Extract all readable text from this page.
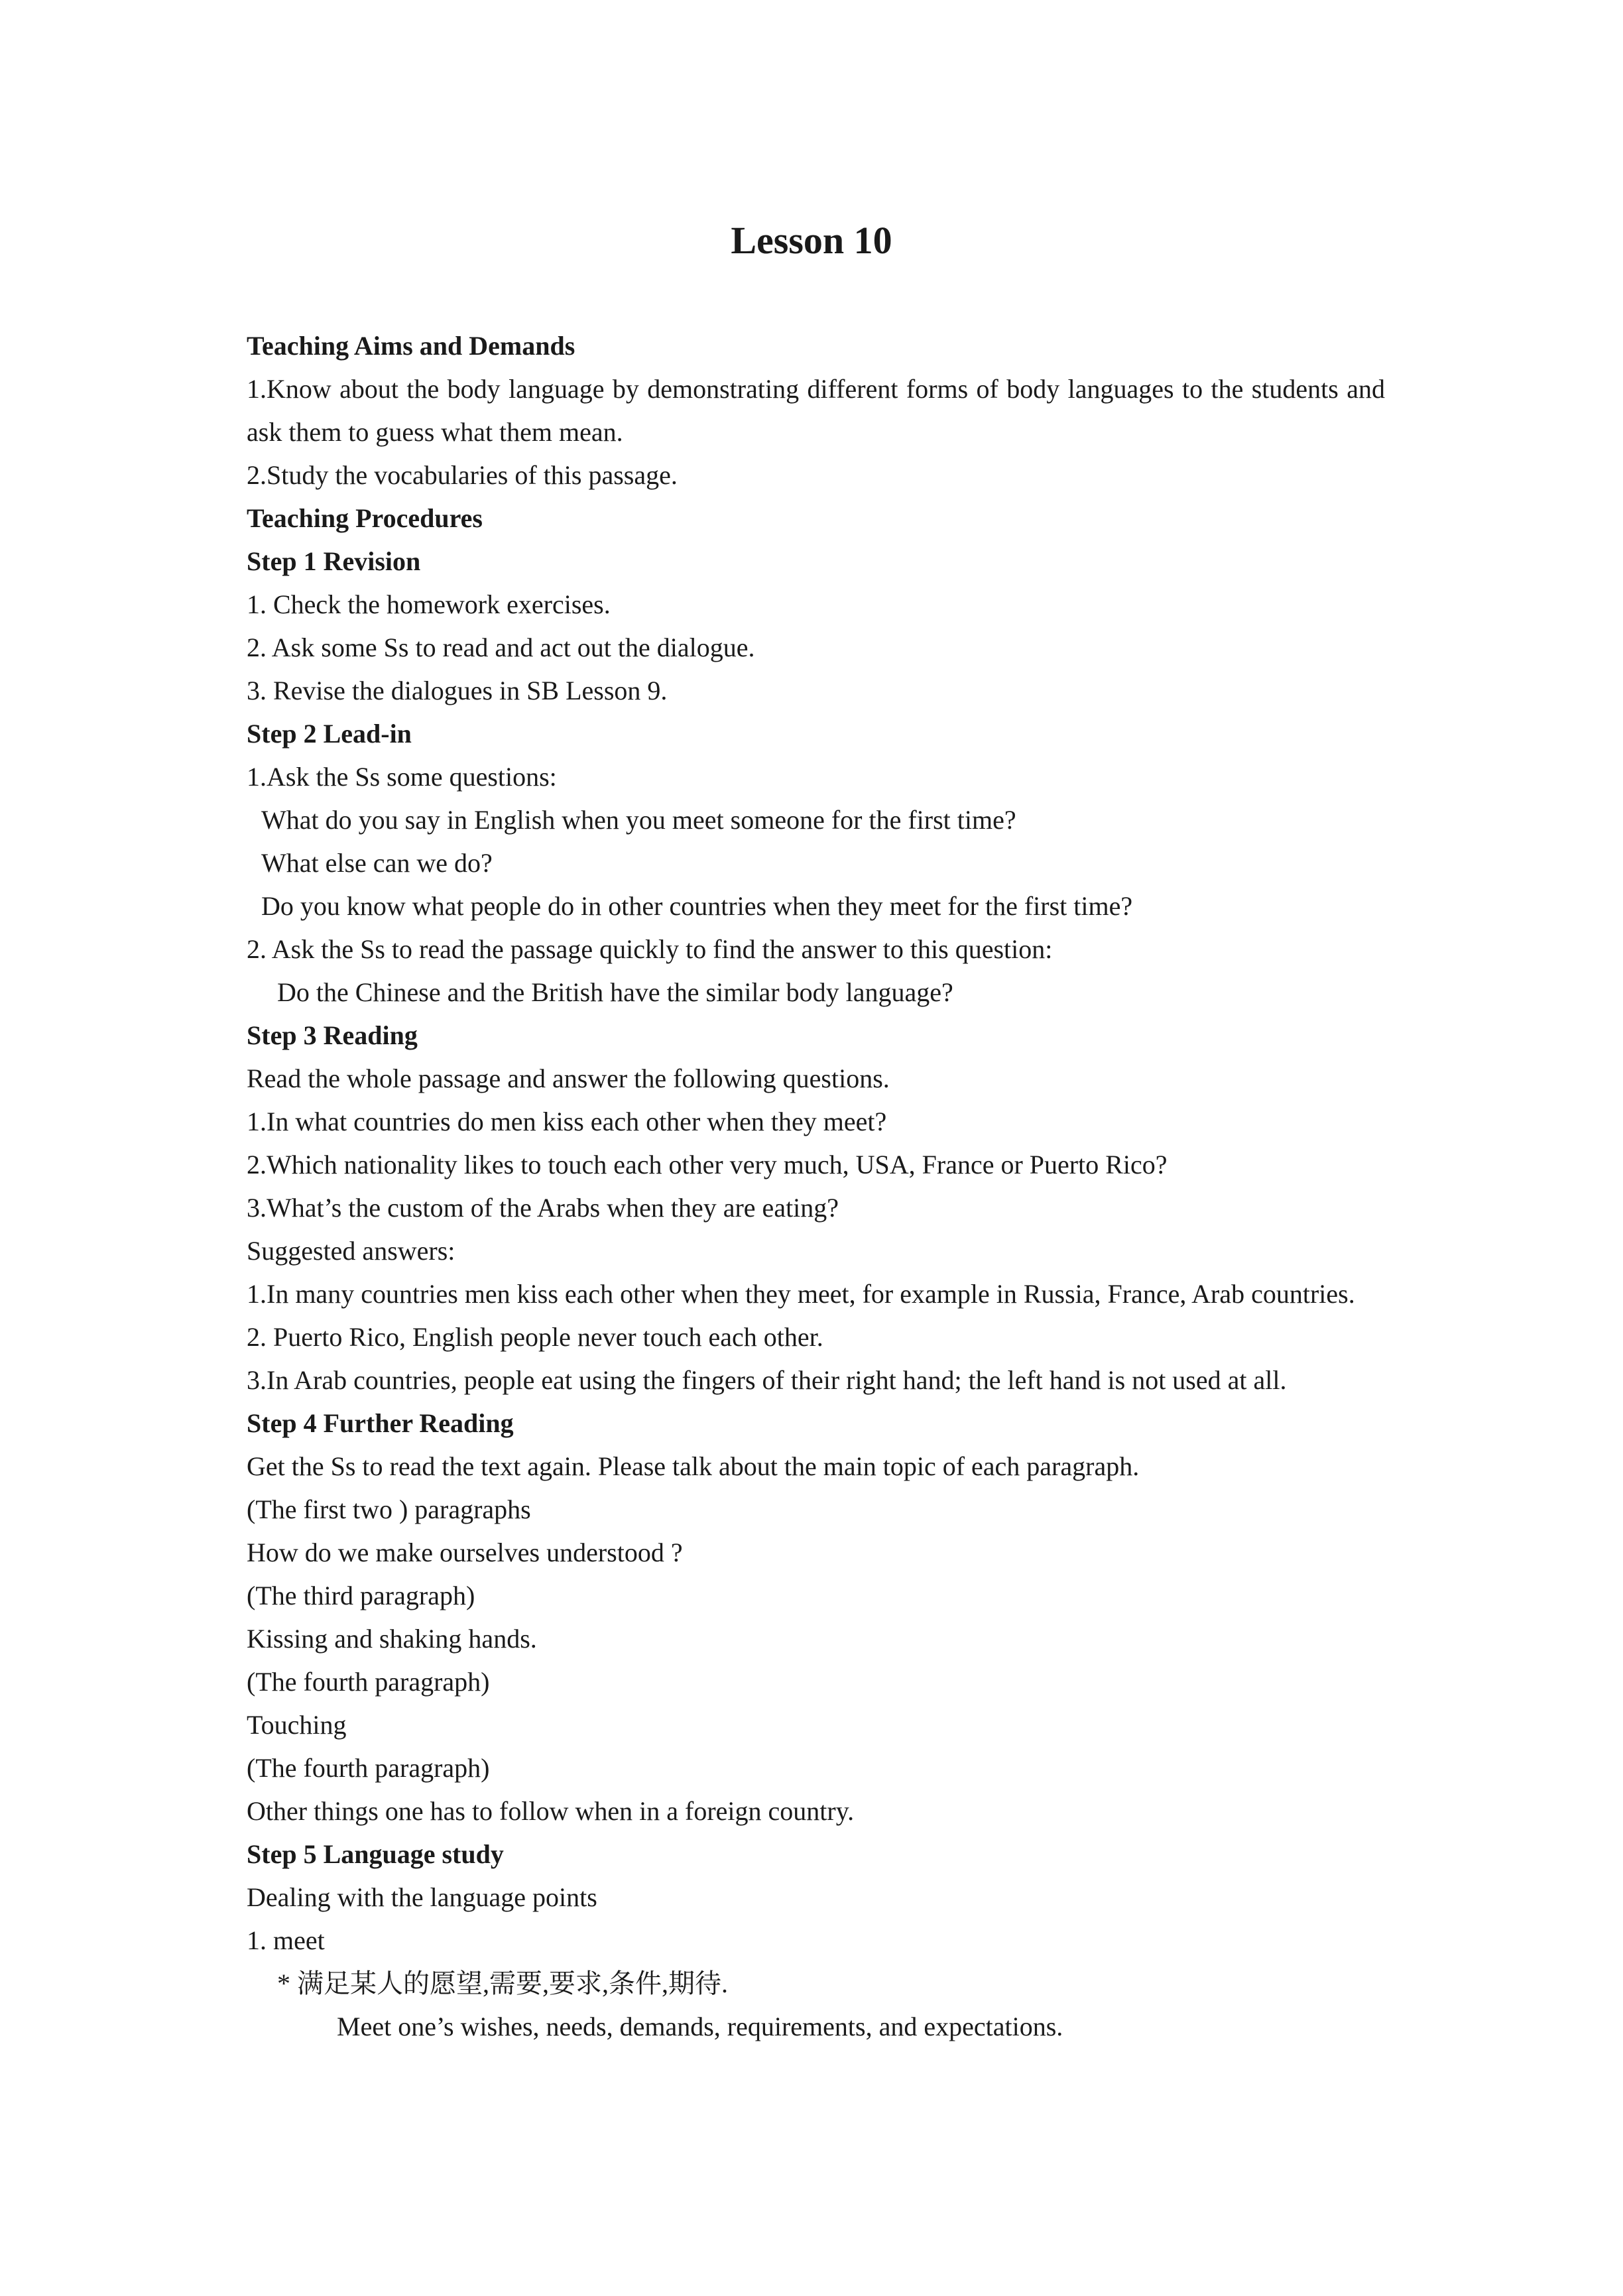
Lesson 10
Teaching Aims and Demands
1.Know about the body language by demonstrating different forms of body languages to the students and ask them to guess what them mean.
2.Study the vocabularies of this passage.
Teaching Procedures
Step 1 Revision
1. Check the homework exercises.
2. Ask some Ss to read and act out the dialogue.
3. Revise the dialogues in SB Lesson 9.
Step 2 Lead-in
1.Ask the Ss some questions:
What do you say in English when you meet someone for the first time?
What else can we do?
Do you know what people do in other countries when they meet for the first time?
2. Ask the Ss to read the passage quickly to find the answer to this question:
Do the Chinese and the British have the similar body language?
Step 3 Reading
Read the whole passage and answer the following questions.
1.In what countries do men kiss each other when they meet?
2.Which nationality likes to touch each other very much, USA, France or Puerto Rico?
3.What’s the custom of the Arabs when they are eating?
Suggested answers:
1.In many countries men kiss each other when they meet, for example in Russia, France, Arab countries.
2. Puerto Rico, English people never touch each other.
3.In Arab countries, people eat using the fingers of their right hand; the left hand is not used at all.
Step 4 Further Reading
Get the Ss to read the text again. Please talk about the main topic of each paragraph.
(The first two ) paragraphs
How do we make ourselves understood ?
(The third paragraph)
Kissing and shaking hands.
(The fourth paragraph)
Touching
(The fourth paragraph)
Other things one has to follow when in a foreign country.
Step 5 Language study
Dealing with the language points
1. meet
* 满足某人的愿望,需要,要求,条件,期待.
Meet one’s wishes, needs, demands, requirements, and expectations.
